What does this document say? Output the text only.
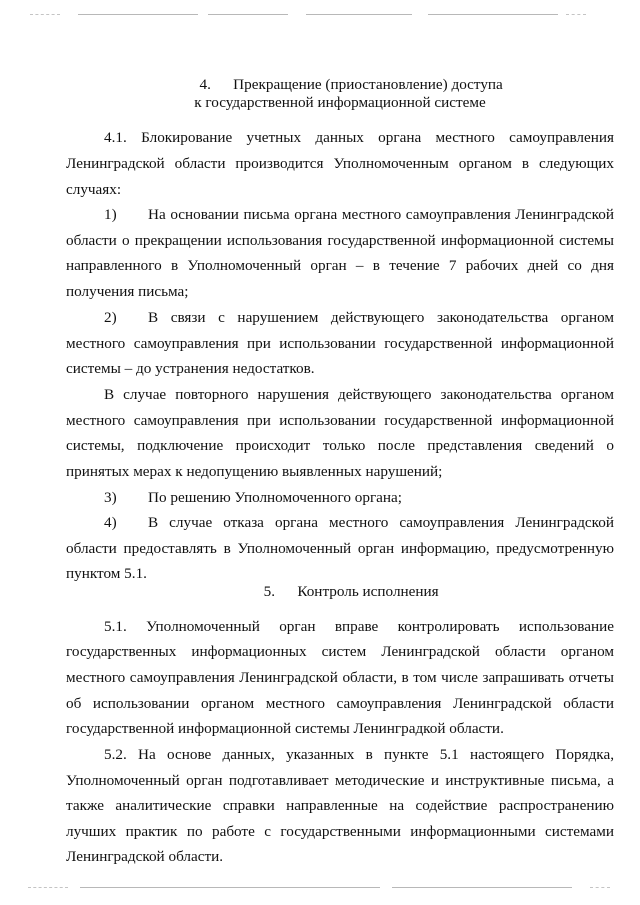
4. Прекращение (приостановление) доступа
к государственной информационной системе
4.1. Блокирование учетных данных органа местного самоуправления
Ленинградской области производится Уполномоченным органом в следующих
случаях:
1) На основании письма органа местного самоуправления Ленинградской
области о прекращении использования государственной информационной системы
направленного в Уполномоченный орган – в течение 7 рабочих дней со дня
получения письма;
2) В связи с нарушением действующего законодательства органом
местного самоуправления при использовании государственной информационной
системы – до устранения недостатков.
В случае повторного нарушения действующего законодательства органом
местного самоуправления при использовании государственной информационной
системы, подключение происходит только после представления сведений о
принятых мерах к недопущению выявленных нарушений;
3) По решению Уполномоченного органа;
4) В случае отказа органа местного самоуправления Ленинградской
области предоставлять в Уполномоченный орган информацию, предусмотренную
пунктом 5.1.
5. Контроль исполнения
5.1. Уполномоченный орган вправе контролировать использование
государственных информационных систем Ленинградской области органом
местного самоуправления Ленинградской области, в том числе запрашивать отчеты
об использовании органом местного самоуправления Ленинградской области
государственной информационной системы Ленинградкой области.
5.2. На основе данных, указанных в пункте 5.1 настоящего Порядка,
Уполномоченный орган подготавливает методические и инструктивные письма, а
также аналитические справки направленные на содействие распространению
лучших практик по работе с государственными информационными системами
Ленинградской области.
